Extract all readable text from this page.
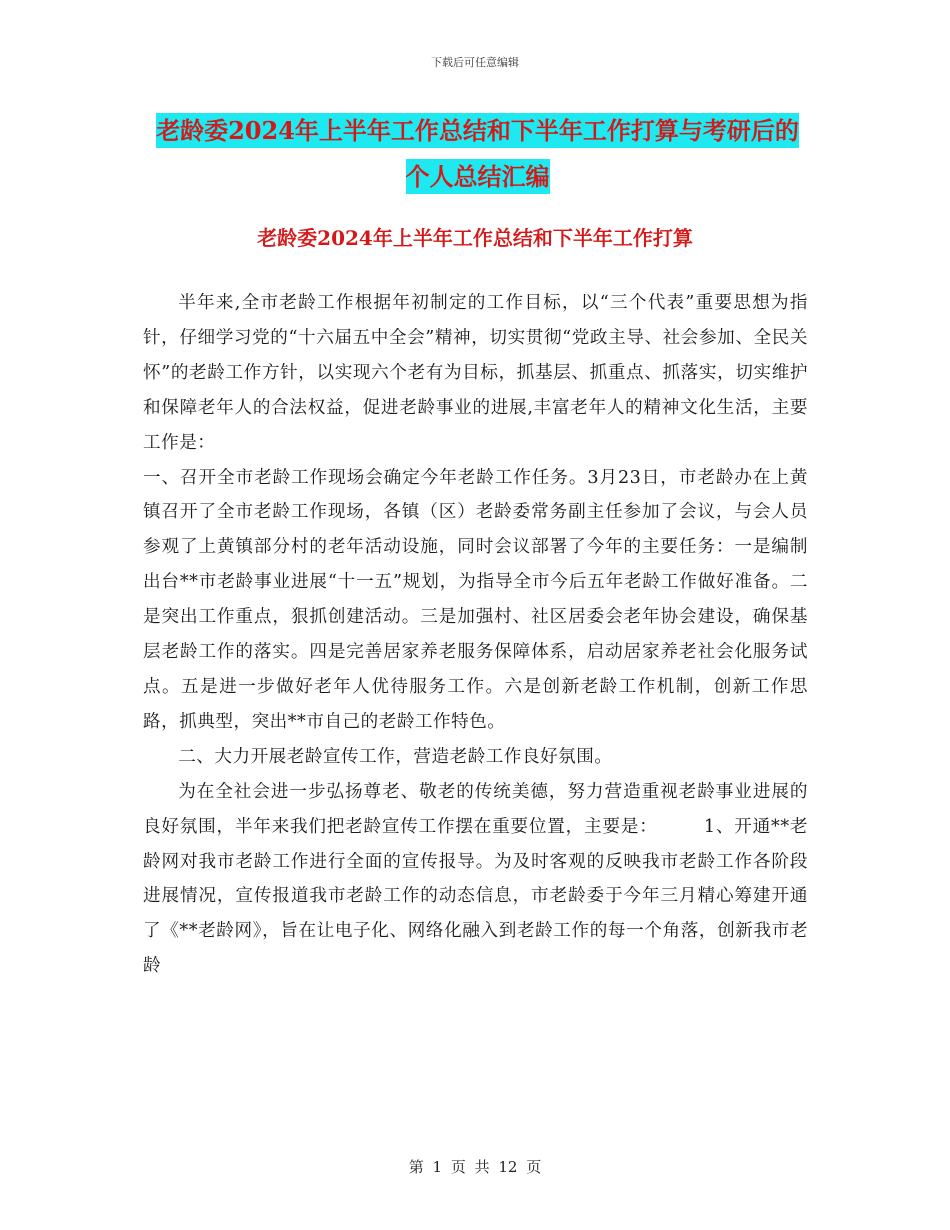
下载后可任意编辑
老龄委2024年上半年工作总结和下半年工作打算与考研后的个人总结汇编
老龄委2024年上半年工作总结和下半年工作打算

半年来,全市老龄工作根据年初制定的工作目标，以“三个代表”重要思想为指针，仔细学习党的“十六届五中全会”精神，切实贯彻“党政主导、社会参加、全民关怀”的老龄工作方针，以实现六个老有为目标，抓基层、抓重点、抓落实，切实维护和保障老年人的合法权益，促进老龄事业的进展,丰富老年人的精神文化生活，主要工作是：

一、召开全市老龄工作现场会确定今年老龄工作任务。3月23日，市老龄办在上黄镇召开了全市老龄工作现场，各镇（区）老龄委常务副主任参加了会议，与会人员参观了上黄镇部分村的老年活动设施，同时会议部署了今年的主要任务：一是编制出台**市老龄事业进展“十一五”规划，为指导全市今后五年老龄工作做好准备。二是突出工作重点，狠抓创建活动。三是加强村、社区居委会老年协会建设，确保基层老龄工作的落实。四是完善居家养老服务保障体系，启动居家养老社会化服务试点。五是进一步做好老年人优待服务工作。六是创新老龄工作机制，创新工作思路，抓典型，突出**市自己的老龄工作特色。

二、大力开展老龄宣传工作，营造老龄工作良好氛围。

为在全社会进一步弘扬尊老、敬老的传统美德，努力营造重视老龄事业进展的良好氛围，半年来我们把老龄宣传工作摆在重要位置，主要是：　　　1、开通**老龄网对我市老龄工作进行全面的宣传报导。为及时客观的反映我市老龄工作各阶段进展情况，宣传报道我市老龄工作的动态信息，市老龄委于今年三月精心筹建开通了《**老龄网》，旨在让电子化、网络化融入到老龄工作的每一个角落，创新我市老龄

第 1 页 共 12 页
